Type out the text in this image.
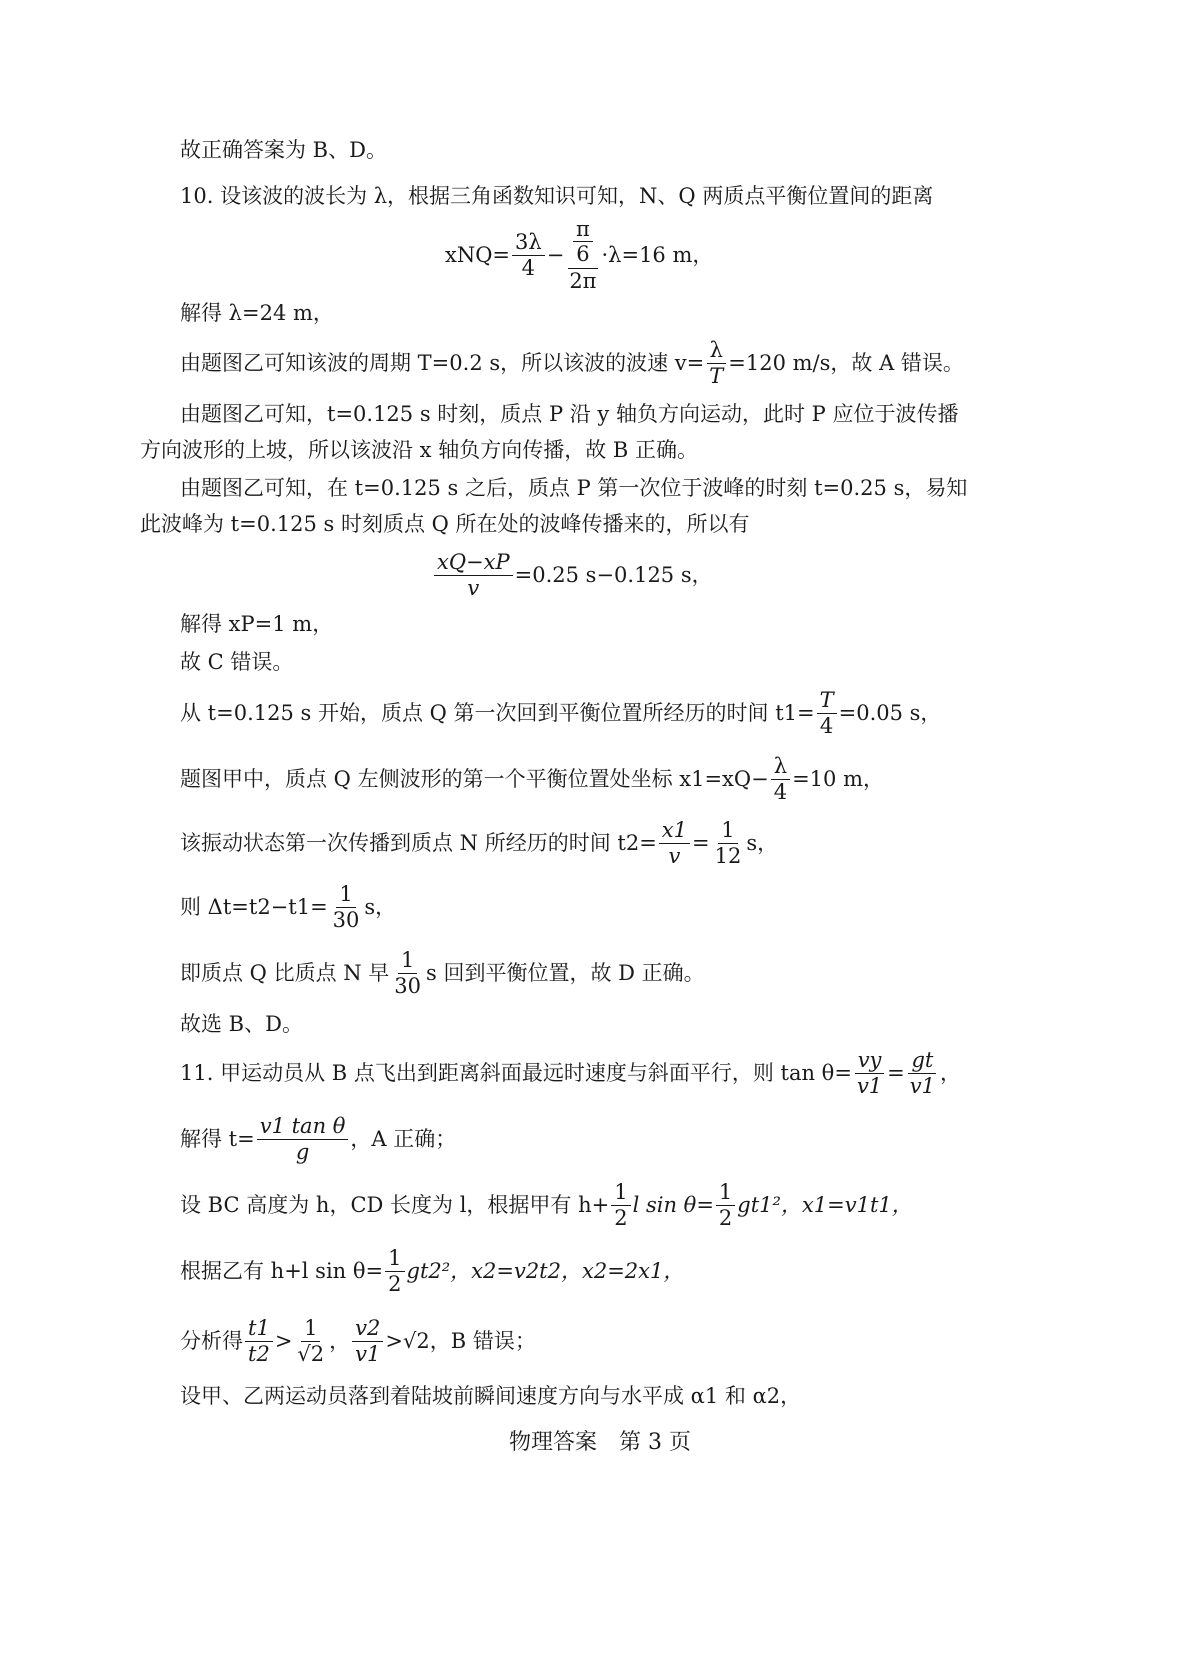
故正确答案为 B、D。
10. 设该波的波长为 λ，根据三角函数知识可知，N、Q 两质点平衡位置间的距离
$xNQ= \frac{3\lambda}{4} - \frac{\frac{\pi}{6}}{2\pi} \cdot\lambda=16$ m，
解得 λ=24 m，
由题图乙可知该波的周期 T=0.2 s，所以该波的波速 $v= \frac{\lambda}{T} =120$ m/s，故 A 错误。
由题图乙可知，t=0.125 s 时刻，质点 P 沿 y 轴负方向运动，此时 P 应位于波传播
方向波形的上坡，所以该波沿 x 轴负方向传播，故 B 正确。
由题图乙可知，在 t=0.125 s 之后，质点 P 第一次位于波峰的时刻 t=0.25 s，易知
此波峰为 t=0.125 s 时刻质点 Q 所在处的波峰传播来的，所以有
$\frac{xQ-xP}{v} =0.25$ s−0.125 s，
解得 xP=1 m，
故 C 错误。
从 t=0.125 s 开始，质点 Q 第一次回到平衡位置所经历的时间 $t1= \frac{T}{4} =0.05$ s，
题图甲中，质点 Q 左侧波形的第一个平衡位置处坐标 $x1=xQ- \frac{\lambda}{4} =10$ m，
该振动状态第一次传播到质点 N 所经历的时间 $t2= \frac{x1}{v} = \frac{1}{12}$ s，
则 $\Delta t=t2-t1= \frac{1}{30}$ s，
即质点 Q 比质点 N 早 $\frac{1}{30}$ s 回到平衡位置，故 D 正确。
故选 B、D。
11. 甲运动员从 B 点飞出到距离斜面最远时速度与斜面平行，则 $\tan \theta= \frac{vy}{v1} = \frac{gt}{v1}$ ，
解得 $t= \frac{\text{v1 tan θ}}{g}$ ，A 正确；
设 BC 高度为 h，CD 长度为 l，根据甲有 $h+ \frac{1}{2}$ l $\sin \theta= \frac{1}{2} gt1^2$，x1=v1t1，
根据乙有 h+l $\sin \theta= \frac{1}{2} gt2^2$，x2=v2t2，x2=2x1，
分析得 $\frac{t1}{t2} > \frac{1}{√2}$ ， $\frac{v2}{v1} > √2$ ，B 错误；
设甲、乙两运动员落到着陆坡前瞬间速度方向与水平成 α1 和 α2，
物理答案　第 3 页
